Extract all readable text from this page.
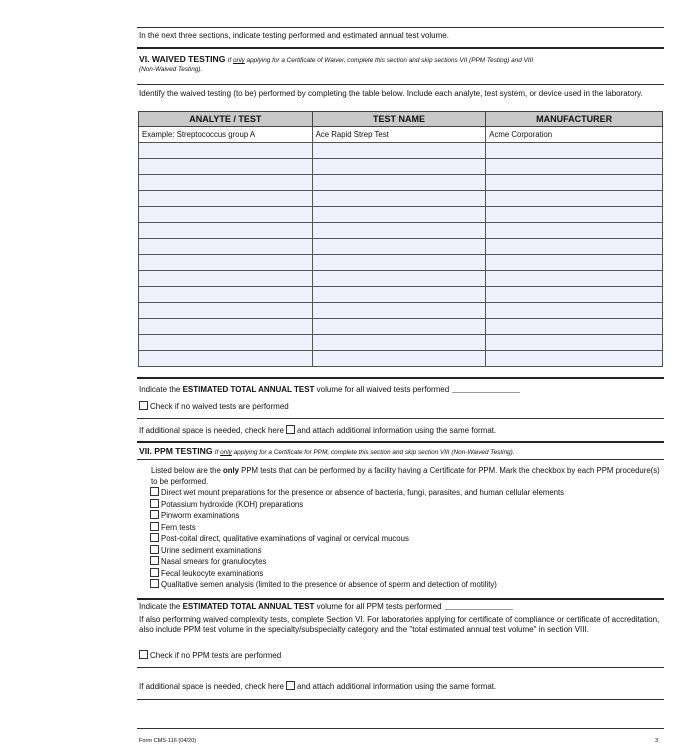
In the next three sections, indicate testing performed and estimated annual test volume.
VI. WAIVED TESTING If only applying for a Certificate of Waiver, complete this section and skip sections VII (PPM Testing) and VIII
(Non-Waived Testing).
Identify the waived testing (to be) performed by completing the table below. Include each analyte, test system, or device used in the laboratory.
ANALYTE / TEST	TEST NAME	MANUFACTURER
Example: Streptococcus group A	Ace Rapid Strep Test	Acme Corporation

Indicate the ESTIMATED TOTAL ANNUAL TEST volume for all waived tests performed
Check if no waived tests are performed
If additional space is needed, check here and attach additional information using the same format.
VII. PPM TESTING If only applying for a Certificate for PPM, complete this section and skip section VIII (Non-Waived Testing).
Listed below are the only PPM tests that can be performed by a facility having a Certificate for PPM. Mark the checkbox by each PPM procedure(s) to be performed.
Direct wet mount preparations for the presence or absence of bacteria, fungi, parasites, and human cellular elements
Potassium hydroxide (KOH) preparations
Pinworm examinations
Fern tests
Post-coital direct, qualitative examinations of vaginal or cervical mucous
Urine sediment examinations
Nasal smears for granulocytes
Fecal leukocyte examinations
Qualitative semen analysis (limited to the presence or absence of sperm and detection of motility)
Indicate the ESTIMATED TOTAL ANNUAL TEST volume for all PPM tests performed
If also performing waived complexity tests, complete Section VI. For laboratories applying for certificate of compliance or certificate of accreditation, also include PPM test volume in the specialty/subspecialty category and the "total estimated annual test volume" in section VIII.
Check if no PPM tests are performed
If additional space is needed, check here and attach additional information using the same format.
Form CMS-116 (04/20)	3
